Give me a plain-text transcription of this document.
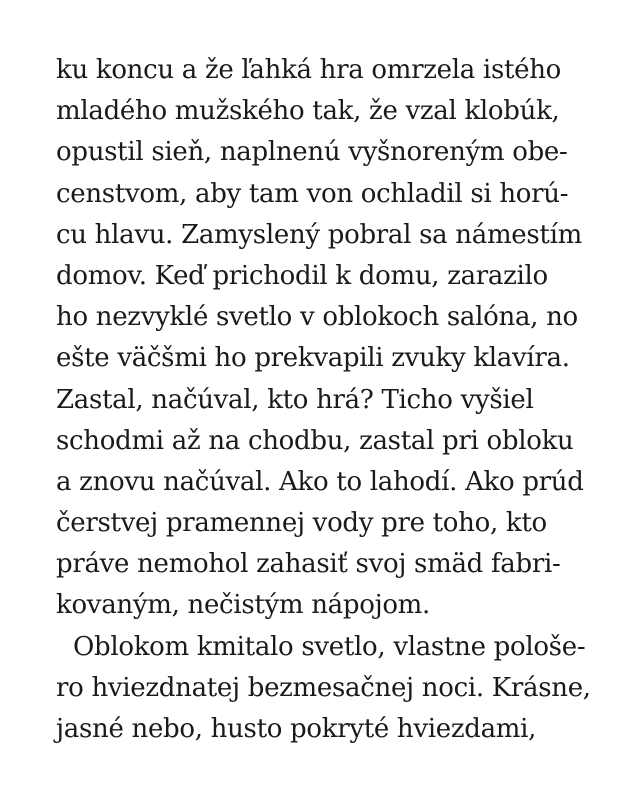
ku koncu a že ľahká hra omrzela istého
mladého mužského tak, že vzal klobúk,
opustil sieň, naplnenú vyšnoreným obe-
censtvom, aby tam von ochladil si horú-
cu hlavu. Zamyslený pobral sa námestím
domov. Keď prichodil k domu, zarazilo
ho nezvyklé svetlo v oblokoch salóna, no
ešte väčšmi ho prekvapili zvuky klavíra.
Zastal, načúval, kto hrá? Ticho vyšiel
schodmi až na chodbu, zastal pri obloku
a znovu načúval. Ako to lahodí. Ako prúd
čerstvej pramennej vody pre toho, kto
práve nemohol zahasiť svoj smäd fabri-
kovaným, nečistým nápojom.
Oblokom kmitalo svetlo, vlastne pološe-
ro hviezdnatej bezmesačnej noci. Krásne,
jasné nebo, husto pokryté hviezdami,
